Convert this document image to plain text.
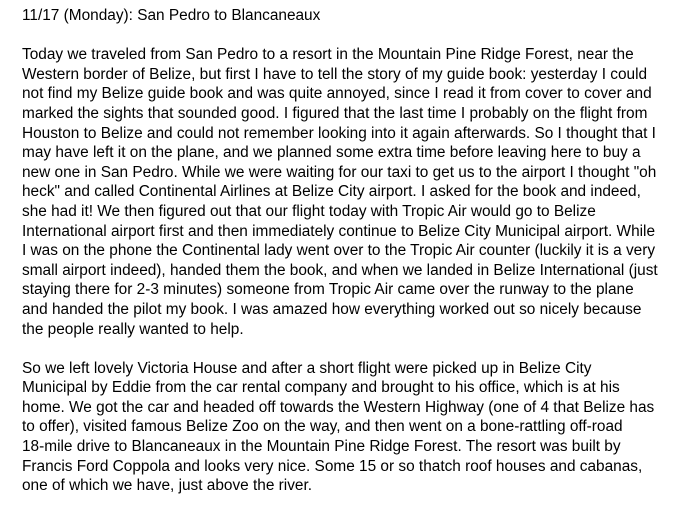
11/17 (Monday): San Pedro to Blancaneaux
Today we traveled from San Pedro to a resort in the Mountain Pine Ridge Forest, near the
Western border of Belize, but first I have to tell the story of my guide book: yesterday I could
not find my Belize guide book and was quite annoyed, since I read it from cover to cover and
marked the sights that sounded good. I figured that the last time I probably on the flight from
Houston to Belize and could not remember looking into it again afterwards. So I thought that I
may have left it on the plane, and we planned some extra time before leaving here to buy a
new one in San Pedro. While we were waiting for our taxi to get us to the airport I thought "oh
heck" and called Continental Airlines at Belize City airport. I asked for the book and indeed,
she had it! We then figured out that our flight today with Tropic Air would go to Belize
International airport first and then immediately continue to Belize City Municipal airport. While
I was on the phone the Continental lady went over to the Tropic Air counter (luckily it is a very
small airport indeed), handed them the book, and when we landed in Belize International (just
staying there for 2-3 minutes) someone from Tropic Air came over the runway to the plane
and handed the pilot my book. I was amazed how everything worked out so nicely because
the people really wanted to help.
So we left lovely Victoria House and after a short flight were picked up in Belize City
Municipal by Eddie from the car rental company and brought to his office, which is at his
home. We got the car and headed off towards the Western Highway (one of 4 that Belize has
to offer), visited famous Belize Zoo on the way, and then went on a bone-rattling off-road
18-mile drive to Blancaneaux in the Mountain Pine Ridge Forest. The resort was built by
Francis Ford Coppola and looks very nice. Some 15 or so thatch roof houses and cabanas,
one of which we have, just above the river.
